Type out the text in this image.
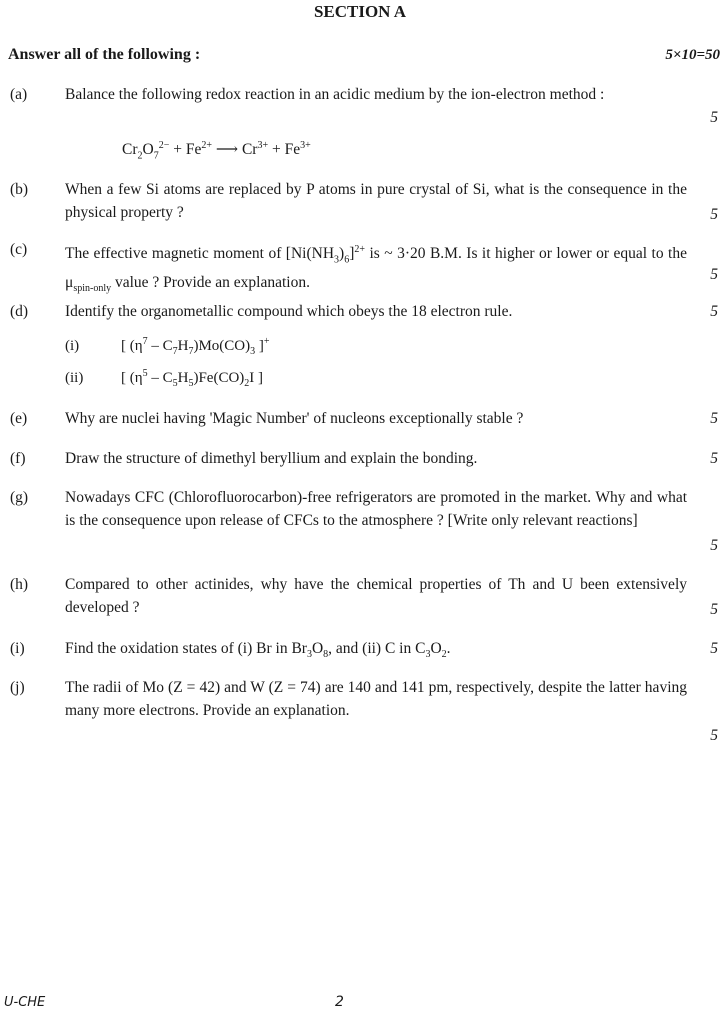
SECTION A
Answer all of the following :	5×10=50
(a) Balance the following redox reaction in an acidic medium by the ion-electron method :
5
$Cr_2O_7^{2-} + Fe^{2+}$ ⟶ $Cr^{3+} + Fe^{3+}$
(b) When a few Si atoms are replaced by P atoms in pure crystal of Si, what is the consequence in the physical property ?	5
(c) The effective magnetic moment of $[Ni(NH_3)_6]^{2+}$ is ~ 3·20 B.M. Is it higher or lower or equal to the $\mu_{spin-only}$ value ? Provide an explanation.	5
(d) Identify the organometallic compound which obeys the 18 electron rule.	5
(i)	[ $(\eta^7 - C_7H_7)Mo(CO)_3$ ]+
(ii)	[ $(\eta^5 - C_5H_5)Fe(CO)_2I$ ]
(e) Why are nuclei having 'Magic Number' of nucleons exceptionally stable ?	5
(f)	Draw the structure of dimethyl beryllium and explain the bonding.	5
(g) Nowadays CFC (Chlorofluorocarbon)-free refrigerators are promoted in the market. Why and what is the consequence upon release of CFCs to the atmosphere ? [Write only relevant reactions]
5
(h) Compared to other actinides, why have the chemical properties of Th and U been extensively developed ?	5
(i)	Find the oxidation states of (i) Br in $Br_3O_8$, and (ii) C in $C_3O_2$.	5
(j)	The radii of Mo (Z = 42) and W (Z = 74) are 140 and 141 pm, respectively, despite the latter having many more electrons. Provide an explanation.
5
U-CHE	2
